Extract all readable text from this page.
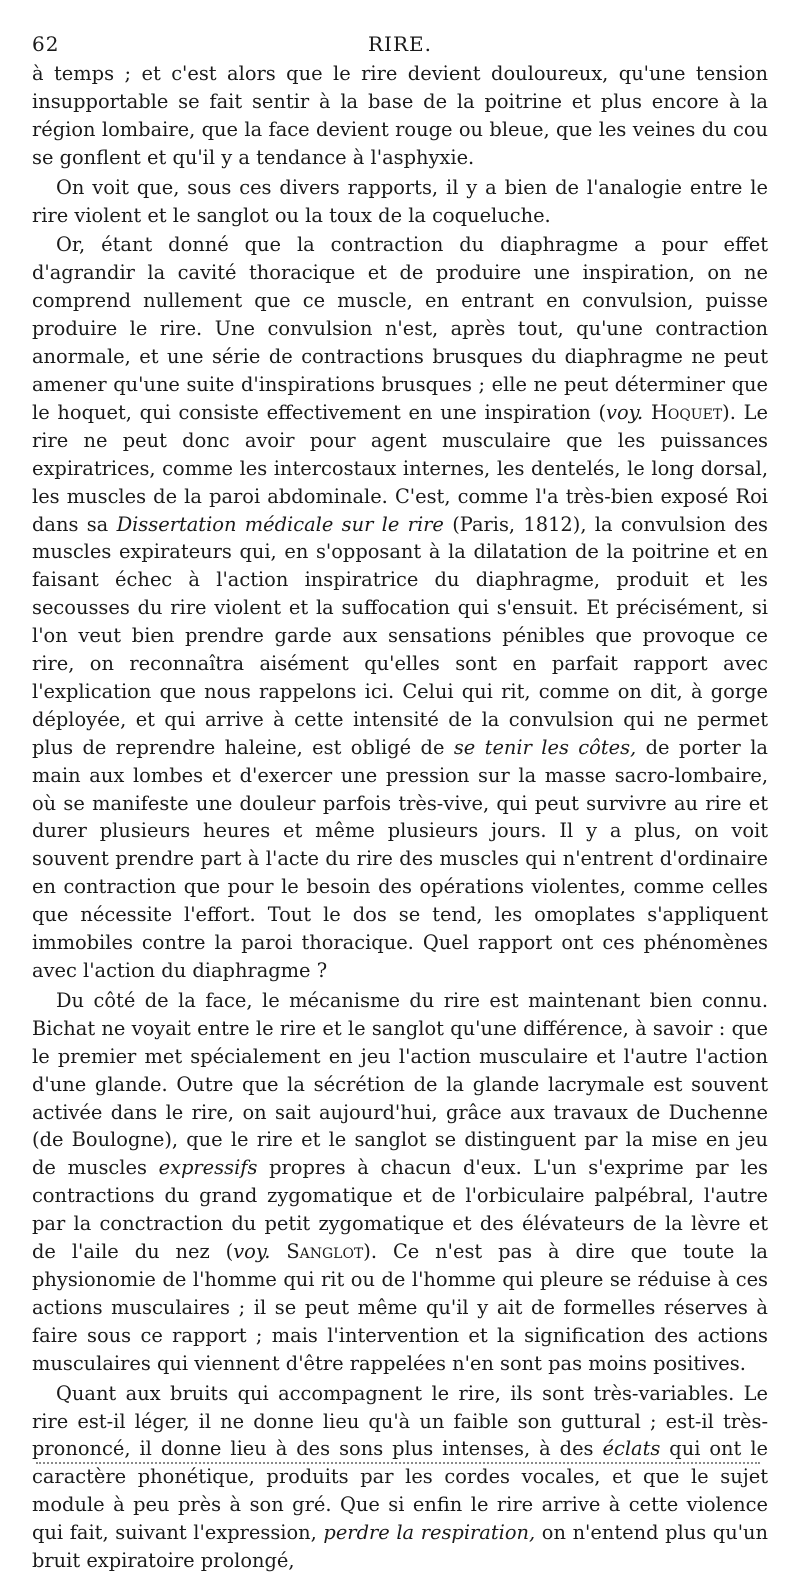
62	RIRE.

à temps ; et c'est alors que le rire devient douloureux, qu'une tension insupportable se fait sentir à la base de la poitrine et plus encore à la région lombaire, que la face devient rouge ou bleue, que les veines du cou se gonflent et qu'il y a tendance à l'asphyxie.

On voit que, sous ces divers rapports, il y a bien de l'analogie entre le rire violent et le sanglot ou la toux de la coqueluche.

Or, étant donné que la contraction du diaphragme a pour effet d'agrandir la cavité thoracique et de produire une inspiration, on ne comprend nullement que ce muscle, en entrant en convulsion, puisse produire le rire. Une convulsion n'est, après tout, qu'une contraction anormale, et une série de contractions brusques du diaphragme ne peut amener qu'une suite d'inspirations brusques ; elle ne peut déterminer que le hoquet, qui consiste effectivement en une inspiration (voy. Hoquet). Le rire ne peut donc avoir pour agent musculaire que les puissances expiratrices, comme les intercostaux internes, les dentelés, le long dorsal, les muscles de la paroi abdominale. C'est, comme l'a très-bien exposé Roi dans sa Dissertation médicale sur le rire (Paris, 1812), la convulsion des muscles expirateurs qui, en s'opposant à la dilatation de la poitrine et en faisant échec à l'action inspiratrice du diaphragme, produit et les secousses du rire violent et la suffocation qui s'ensuit. Et précisément, si l'on veut bien prendre garde aux sensations pénibles que provoque ce rire, on reconnaîtra aisément qu'elles sont en parfait rapport avec l'explication que nous rappelons ici. Celui qui rit, comme on dit, à gorge déployée, et qui arrive à cette intensité de la convulsion qui ne permet plus de reprendre haleine, est obligé de se tenir les côtes, de porter la main aux lombes et d'exercer une pression sur la masse sacro-lombaire, où se manifeste une douleur parfois très-vive, qui peut survivre au rire et durer plusieurs heures et même plusieurs jours. Il y a plus, on voit souvent prendre part à l'acte du rire des muscles qui n'entrent d'ordinaire en contraction que pour le besoin des opérations violentes, comme celles que nécessite l'effort. Tout le dos se tend, les omoplates s'appliquent immobiles contre la paroi thoracique. Quel rapport ont ces phénomènes avec l'action du diaphragme ?

Du côté de la face, le mécanisme du rire est maintenant bien connu. Bichat ne voyait entre le rire et le sanglot qu'une différence, à savoir : que le premier met spécialement en jeu l'action musculaire et l'autre l'action d'une glande. Outre que la sécrétion de la glande lacrymale est souvent activée dans le rire, on sait aujourd'hui, grâce aux travaux de Duchenne (de Boulogne), que le rire et le sanglot se distinguent par la mise en jeu de muscles expressifs propres à chacun d'eux. L'un s'exprime par les contractions du grand zygomatique et de l'orbiculaire palpébral, l'autre par la conctraction du petit zygomatique et des élévateurs de la lèvre et de l'aile du nez (voy. Sanglot). Ce n'est pas à dire que toute la physionomie de l'homme qui rit ou de l'homme qui pleure se réduise à ces actions musculaires ; il se peut même qu'il y ait de formelles réserves à faire sous ce rapport ; mais l'intervention et la signification des actions musculaires qui viennent d'être rappelées n'en sont pas moins positives.

Quant aux bruits qui accompagnent le rire, ils sont très-variables. Le rire est-il léger, il ne donne lieu qu'à un faible son guttural ; est-il très-prononcé, il donne lieu à des sons plus intenses, à des éclats qui ont le caractère phonétique, produits par les cordes vocales, et que le sujet module à peu près à son gré. Que si enfin le rire arrive à cette violence qui fait, suivant l'expression, perdre la respiration, on n'entend plus qu'un bruit expiratoire prolongé,
